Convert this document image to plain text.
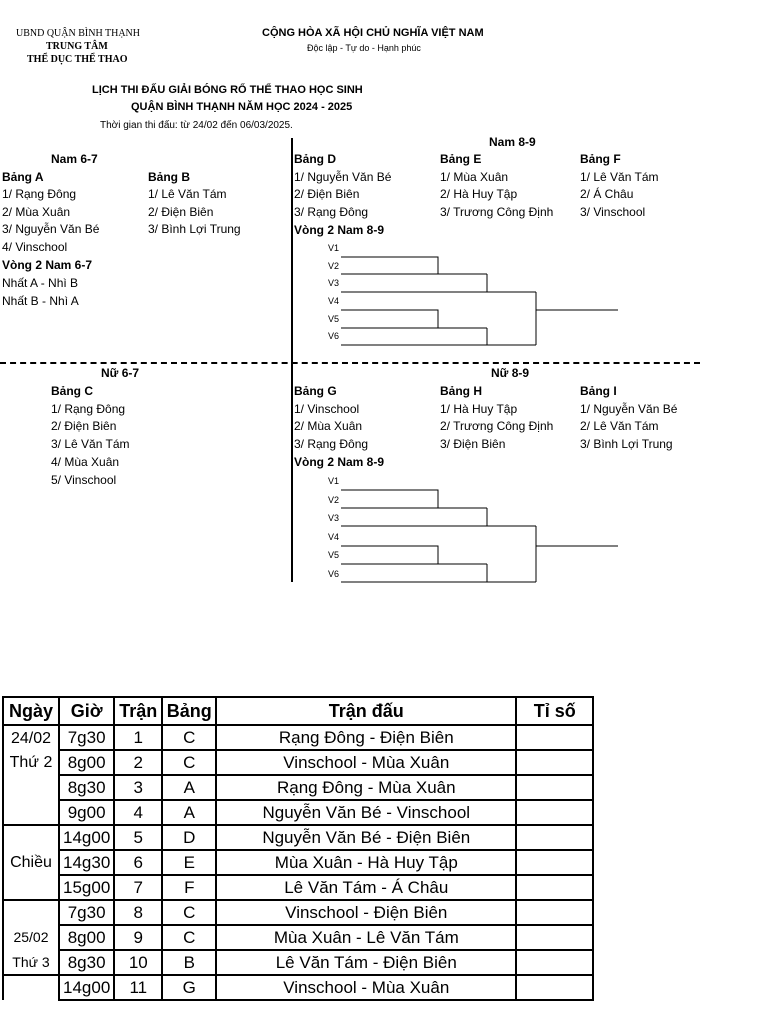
UBND QUẬN BÌNH THẠNH
TRUNG TÂM
THỂ DỤC THỂ THAO
CỘNG HÒA XÃ HỘI CHỦ NGHĨA VIỆT NAM
Độc lập - Tự do - Hạnh phúc
LỊCH THI ĐẤU GIẢI BÓNG RỔ THỂ THAO HỌC SINH
QUẬN BÌNH THẠNH NĂM HỌC 2024 - 2025
Thời gian thi đấu: từ 24/02 đến 06/03/2025.
Nam 6-7
Bảng A
1/ Rạng Đông
2/ Mùa Xuân
3/ Nguyễn Văn Bé
4/ Vinschool
Bảng B
1/ Lê Văn Tám
2/ Điện Biên
3/ Bình Lợi Trung
Vòng 2 Nam 6-7
Nhất A - Nhì B
Nhất B - Nhì A
Nam 8-9
Bảng D
1/ Nguyễn Văn Bé
2/ Điện Biên
3/ Rạng Đông
Bảng E
1/ Mùa Xuân
2/ Hà Huy Tập
3/ Trương Công Định
Bảng F
1/ Lê Văn Tám
2/ Á Châu
3/ Vinschool
Vòng 2 Nam 8-9
V1
V2
V3
V4
V5
V6
Nữ 6-7
Bảng C
1/ Rạng Đông
2/ Điện Biên
3/ Lê Văn Tám
4/ Mùa Xuân
5/ Vinschool
Nữ 8-9
Bảng G
1/ Vinschool
2/ Mùa Xuân
3/ Rạng Đông
Bảng H
1/ Hà Huy Tập
2/ Trương Công Định
3/ Điện Biên
Bảng I
1/ Nguyễn Văn Bé
2/ Lê Văn Tám
3/ Bình Lợi Trung
Vòng 2 Nam 8-9
V1
V2
V3
V4
V5
V6
Ngày	Giờ	Trận	Bảng	Trận đấu	Tỉ số
24/02	7g30	1	C	Rạng Đông - Điện Biên	
Thứ 2	8g00	2	C	Vinschool - Mùa Xuân	
	8g30	3	A	Rạng Đông - Mùa Xuân	
	9g00	4	A	Nguyễn Văn Bé - Vinschool	
	14g00	5	D	Nguyễn Văn Bé - Điện Biên	
Chiều	14g30	6	E	Mùa Xuân - Hà Huy Tập	
	15g00	7	F	Lê Văn Tám - Á Châu	
	7g30	8	C	Vinschool - Điện Biên	
25/02	8g00	9	C	Mùa Xuân - Lê Văn Tám	
Thứ 3	8g30	10	B	Lê Văn Tám - Điện Biên	
	14g00	11	G	Vinschool - Mùa Xuân	
